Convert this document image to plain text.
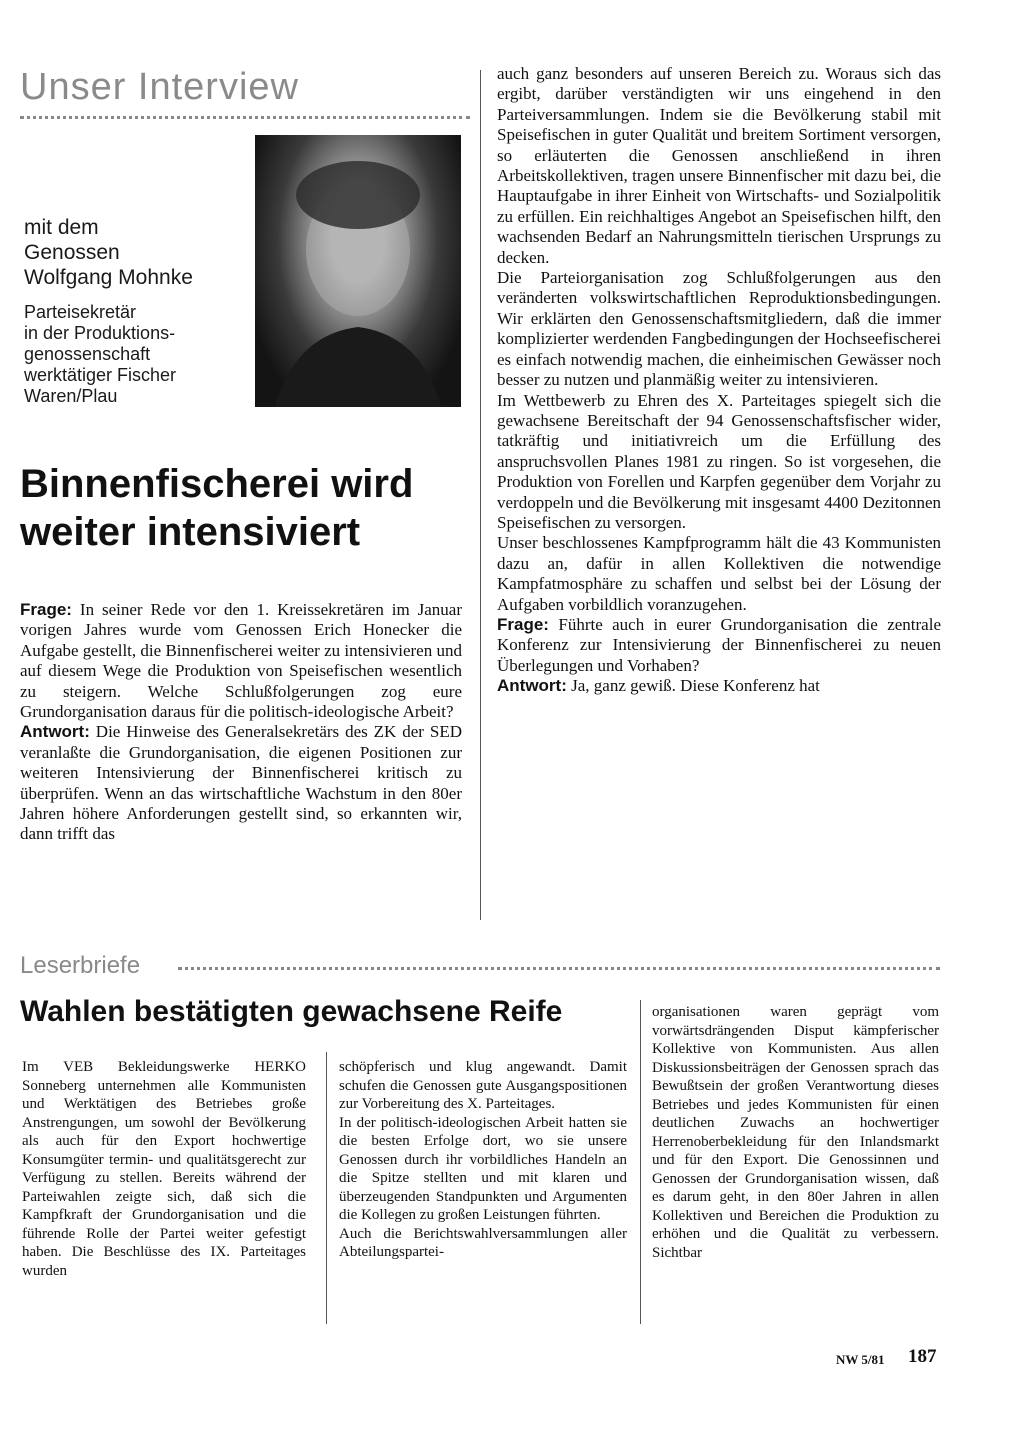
Unser Interview
mit dem
Genossen
Wolfgang Mohnke
Parteisekretär
in der Produktions-
genossenschaft
werktätiger Fischer
Waren/Plau
Binnenfischerei wird
weiter intensiviert

Frage: In seiner Rede vor den 1. Kreissekretären im Januar vorigen Jahres wurde vom Genossen Erich Honecker die Aufgabe gestellt, die Binnenfischerei weiter zu intensivieren und auf diesem Wege die Produktion von Speisefischen wesentlich zu steigern. Welche Schlußfolgerungen zog eure Grundorganisation daraus für die politisch-ideologische Arbeit?

Antwort: Die Hinweise des Generalsekretärs des ZK der SED veranlaßte die Grundorganisation, die eigenen Positionen zur weiteren Intensivierung der Binnenfischerei kritisch zu überprüfen. Wenn an das wirtschaftliche Wachstum in den 80er Jahren höhere Anforderungen gestellt sind, so erkannten wir, dann trifft das

auch ganz besonders auf unseren Bereich zu. Woraus sich das ergibt, darüber verständigten wir uns eingehend in den Parteiversammlungen. Indem sie die Bevölkerung stabil mit Speisefischen in guter Qualität und breitem Sortiment versorgen, so erläuterten die Genossen anschließend in ihren Arbeitskollektiven, tragen unsere Binnenfischer mit dazu bei, die Hauptaufgabe in ihrer Einheit von Wirtschafts- und Sozialpolitik zu erfüllen. Ein reichhaltiges Angebot an Speisefischen hilft, den wachsenden Bedarf an Nahrungsmitteln tierischen Ursprungs zu decken.

Die Parteiorganisation zog Schlußfolgerungen aus den veränderten volkswirtschaftlichen Reproduktionsbedingungen. Wir erklärten den Genossenschaftsmitgliedern, daß die immer komplizierter werdenden Fangbedingungen der Hochseefischerei es einfach notwendig machen, die einheimischen Gewässer noch besser zu nutzen und planmäßig weiter zu intensivieren.

Im Wettbewerb zu Ehren des X. Parteitages spiegelt sich die gewachsene Bereitschaft der 94 Genossenschaftsfischer wider, tatkräftig und initiativreich um die Erfüllung des anspruchsvollen Planes 1981 zu ringen. So ist vorgesehen, die Produktion von Forellen und Karpfen gegenüber dem Vorjahr zu verdoppeln und die Bevölkerung mit insgesamt 4400 Dezitonnen Speisefischen zu versorgen.

Unser beschlossenes Kampfprogramm hält die 43 Kommunisten dazu an, dafür in allen Kollektiven die notwendige Kampfatmosphäre zu schaffen und selbst bei der Lösung der Aufgaben vorbildlich voranzugehen.

Frage: Führte auch in eurer Grundorganisation die zentrale Konferenz zur Intensivierung der Binnenfischerei zu neuen Überlegungen und Vorhaben?

Antwort: Ja, ganz gewiß. Diese Konferenz hat

Leserbriefe
Wahlen bestätigten gewachsene Reife

Im VEB Bekleidungswerke HERKO Sonneberg unternehmen alle Kommunisten und Werktätigen des Betriebes große Anstrengungen, um sowohl der Bevölkerung als auch für den Export hochwertige Konsumgüter termin- und qualitätsgerecht zur Verfügung zu stellen. Bereits während der Parteiwahlen zeigte sich, daß sich die Kampfkraft der Grundorganisation und die führende Rolle der Partei weiter gefestigt haben. Die Beschlüsse des IX. Parteitages wurden

schöpferisch und klug angewandt. Damit schufen die Genossen gute Ausgangspositionen zur Vorbereitung des X. Parteitages.

In der politisch-ideologischen Arbeit hatten sie die besten Erfolge dort, wo sie unsere Genossen durch ihr vorbildliches Handeln an die Spitze stellten und mit klaren und überzeugenden Standpunkten und Argumenten die Kollegen zu großen Leistungen führten.

Auch die Berichtswahlversammlungen aller Abteilungspartei-

organisationen waren geprägt vom vorwärtsdrängenden Disput kämpferischer Kollektive von Kommunisten. Aus allen Diskussionsbeiträgen der Genossen sprach das Bewußtsein der großen Verantwortung dieses Betriebes und jedes Kommunisten für einen deutlichen Zuwachs an hochwertiger Herrenoberbekleidung für den Inlandsmarkt und für den Export. Die Genossinnen und Genossen der Grundorganisation wissen, daß es darum geht, in den 80er Jahren in allen Kollektiven und Bereichen die Produktion zu erhöhen und die Qualität zu verbessern. Sichtbar

NW 5/81 187
